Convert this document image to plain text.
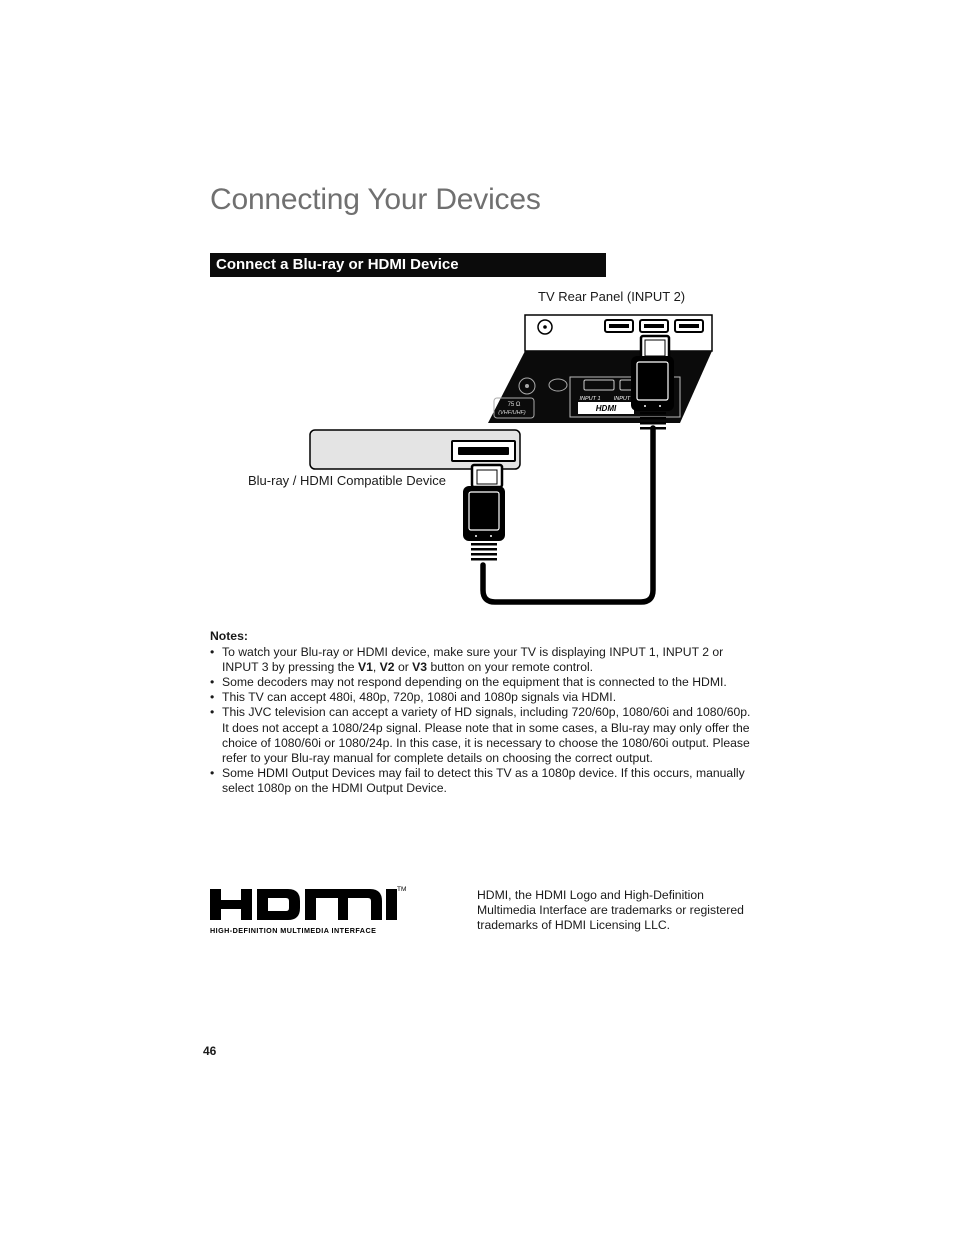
Connecting Your Devices
Connect a Blu-ray or HDMI Device
TV Rear Panel (INPUT 2)
Blu-ray / HDMI Compatible Device
75 Ω
(VHF/UHF)
INPUT 1 INPUT
HDMI

Notes:

• To watch your Blu-ray or HDMI device, make sure your TV is displaying INPUT 1, INPUT 2 or INPUT 3 by pressing the V1, V2 or V3 button on your remote control.
• Some decoders may not respond depending on the equipment that is connected to the HDMI.
• This TV can accept 480i, 480p, 720p, 1080i and 1080p signals via HDMI.
• This JVC television can accept a variety of HD signals, including 720/60p, 1080/60i and 1080/60p. It does not accept a 1080/24p signal. Please note that in some cases, a Blu-ray may only offer the choice of 1080/60i or 1080/24p. In this case, it is necessary to choose the 1080/60i output. Please refer to your Blu-ray manual for complete details on choosing the correct output.
• Some HDMI Output Devices may fail to detect this TV as a 1080p device. If this occurs, manually select 1080p on the HDMI Output Device.
TM
HIGH-DEFINITION MULTIMEDIA INTERFACE
HDMI, the HDMI Logo and High-Definition Multimedia Interface are trademarks or registered trademarks of HDMI Licensing LLC.
46
